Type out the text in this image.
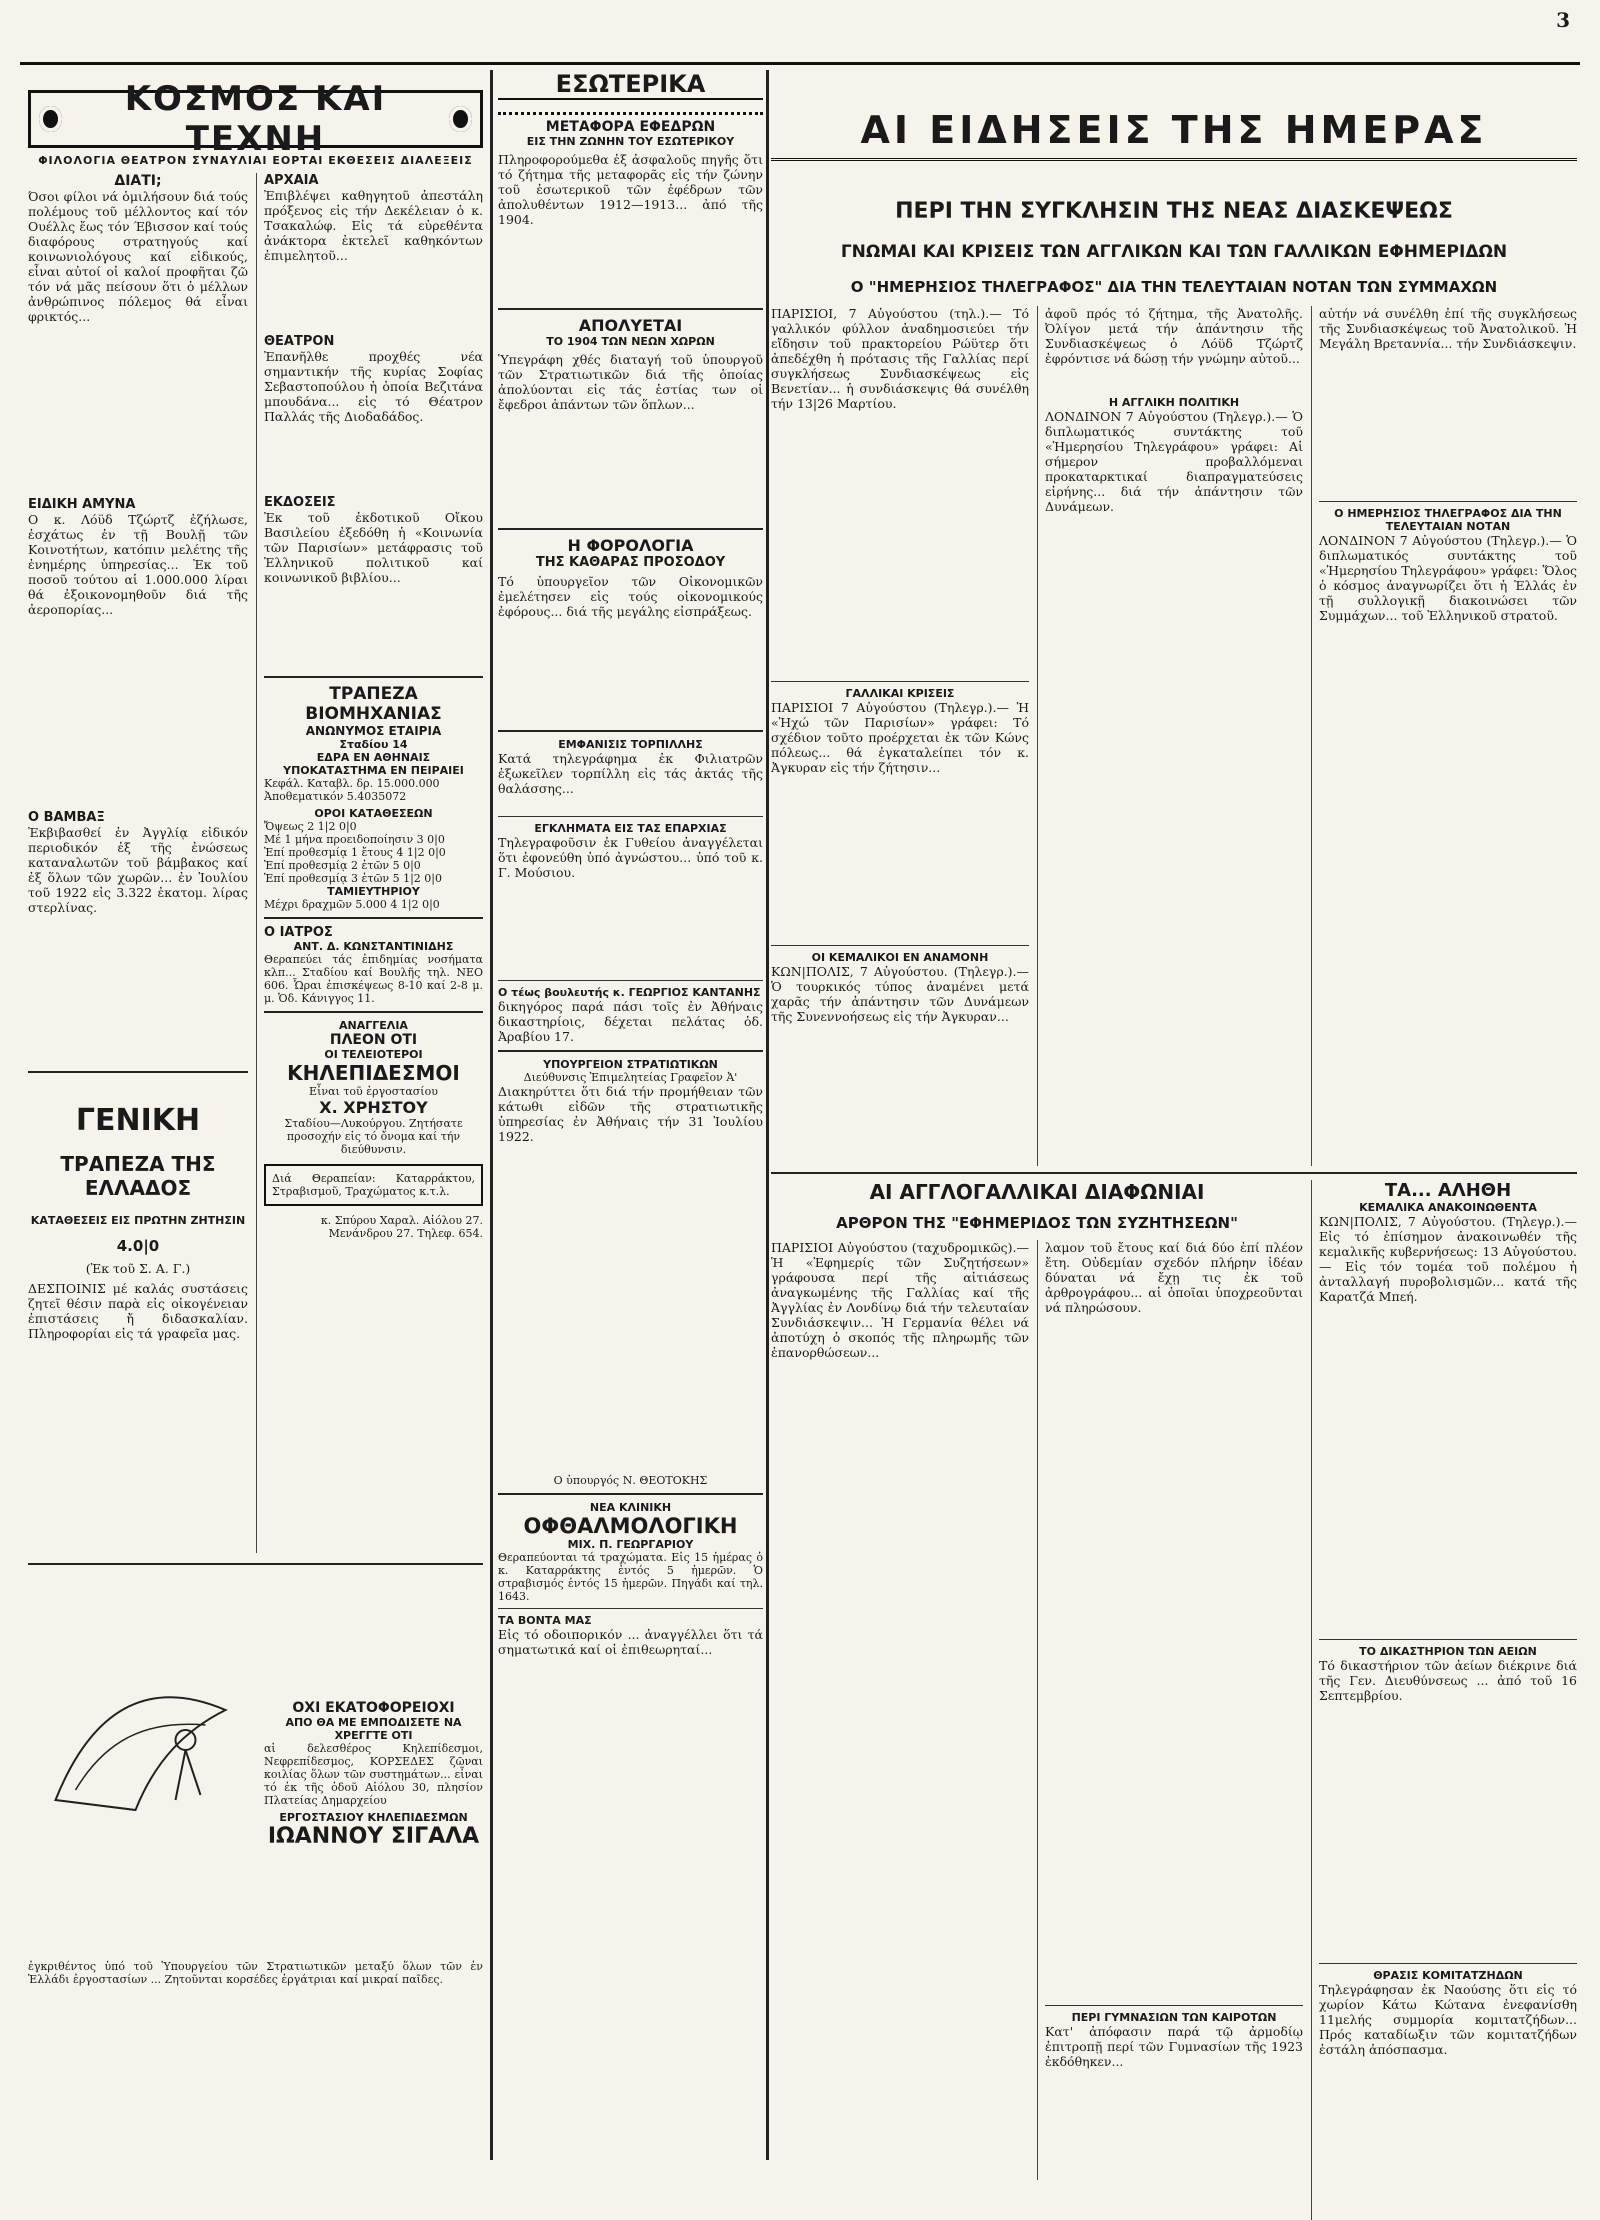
3
ΚΟΣΜΟΣ ΚΑΙ ΤΕΧΝΗ
ΦΙΛΟΛΟΓΙΑ ΘΕΑΤΡΟΝ ΣΥΝΑΥΛΙΑΙ ΕΟΡΤΑΙ ΕΚΘΕΣΕΙΣ ΔΙΑΛΕΞΕΙΣ

ΔΙΑΤΙ;

Όσοι φίλοι νά ὁμιλήσουν διά τούς πολέμους τοῦ μέλλοντος καί τόν Ουέλλς ἔως τόν Έβισσον καί τούς διαφόρους στρατηγούς καί κοινωνιολόγους καί εἰδικούς, εἶναι αὐτοί οἱ καλοί προφῆται ζῶ τόν νά μᾶς πείσουν ὅτι ὁ μέλλων ἀνθρώπινος πόλεμος θά εἶναι φρικτός...

ΕΙΔΙΚΗ ΑΜΥΝΑ

Ο κ. Λόϋδ Τζώρτζ ἐζήλωσε, ἐσχάτως ἐν τῇ Βουλῇ τῶν Κοινοτήτων, κατόπιν μελέτης τῆς ἐνημέρης ὑπηρεσίας... Ἐκ τοῦ ποσοῦ τούτου αἱ 1.000.000 λίραι θά ἐξοικονομηθοῦν διά τῆς ἀεροπορίας...

Ο ΒΑΜΒΑΞ

Ἐκβιβασθεί ἐν Ἀγγλίᾳ εἰδικόν περιοδικόν ἐξ τῆς ἐνώσεως καταναλωτῶν τοῦ βάμβακος καί ἐξ ὅλων τῶν χωρῶν... ἐν Ἰουλίου τοῦ 1922 εἰς 3.322 ἐκατομ. λίρας στερλίνας.

ΓΕΝΙΚΗ

ΤΡΑΠΕΖΑ ΤΗΣ ΕΛΛΑΔΟΣ

ΚΑΤΑΘΕΣΕΙΣ ΕΙΣ ΠΡΩΤΗΝ ΖΗΤΗΣΙΝ

4.0|0

(Ἐκ τοῦ Σ. Α. Γ.)

ΑΡΧΑΙΑ

Ἐπιβλέψει καθηγητοῦ ἀπεστάλη πρόξενος εἰς τήν Δεκέλειαν ὁ κ. Τσακαλώφ. Εἰς τά εὐρεθέντα ἀνάκτορα ἐκτελεῖ καθηκόντων ἐπιμελητοῦ...

ΘΕΑΤΡΟΝ

Ἐπανῆλθε προχθές νέα σημαντικήν τῆς κυρίας Σοφίας Σεβαστοπούλου ἡ ὁποία Βεζιτάνα μπουδάνα... εἰς τό Θέατρον Παλλάς τῆς Διοδαδάδος.

ΕΚΔΟΣΕΙΣ

Ἐκ τοῦ ἐκδοτικοῦ Οἴκου Βασιλείου ἐξεδόθη ἡ «Κοινωνία τῶν Παρισίων» μετάφρασις τοῦ Ἑλληνικοῦ πολιτικοῦ καί κοινωνικοῦ βιβλίου...

ΤΡΑΠΕΖΑ ΒΙΟΜΗΧΑΝΙΑΣ

ΑΝΩΝΥΜΟΣ ΕΤΑΙΡΙΑ

Σταδίου 14

ΕΔΡΑ ΕΝ ΑΘΗΝΑΙΣ

ΥΠΟΚΑΤΑΣΤΗΜΑ ΕΝ ΠΕΙΡΑΙΕΙ

Κεφάλ. Καταβλ. δρ. 15.000.000

Ἀποθεματικόν 5.4035072

ΟΡΟΙ ΚΑΤΑΘΕΣΕΩΝ

Ὄψεως 2 1|2 0|0

Μέ 1 μήνα προειδοποίησιν 3 0|0

Ἐπί προθεσμίᾳ 1 ἔτους 4 1|2 0|0

Ἐπί προθεσμίᾳ 2 ἐτῶν 5 0|0

Ἐπί προθεσμίᾳ 3 ἐτῶν 5 1|2 0|0

ΤΑΜΙΕΥΤΗΡΙΟΥ

Μέχρι δραχμῶν 5.000 4 1|2 0|0

Ο ΙΑΤΡΟΣ

ΑΝΤ. Δ. ΚΩΝΣΤΑΝΤΙΝΙΔΗΣ

Θεραπεύει τάς ἐπιδημίας νοσήματα κλπ... Σταδίου καί Βουλῆς τηλ. ΝΕΟ 606. Ὧραι ἐπισκέψεως 8-10 καί 2-8 μ. μ. Ὁδ. Κάνιγγος 11.

ΑΝΑΓΓΕΛΙΑ

ΠΛΕΟΝ ΟΤΙ

ΟΙ ΤΕΛΕΙΟΤΕΡΟΙ

ΚΗΛΕΠΙΔΕΣΜΟΙ

Εἶναι τοῦ ἐργοστασίου

Χ. ΧΡΗΣΤΟΥ

Σταδίου—Λυκούργου. Ζητήσατε προσοχήν εἰς τό ὄνομα καί τήν διεύθυνσιν.

Διά Θεραπείαν: Καταρράκτου, Στραβισμοῦ, Τραχώματος κ.τ.λ.

κ. Σπύρου Χαραλ. Αἰόλου 27. Μενάνδρου 27. Τηλεφ. 654.

ΔΕΣΠΟΙΝΙΣ μέ καλάς συστάσεις ζητεῖ θέσιν παρὰ εἰς οἰκογένειαν ἐπιστάσεις ἤ διδασκαλίαν. Πληροφορίαι εἰς τά γραφεῖα μας.

ΟΧΙ ΕΚΑΤΟΦΟΡΕΙΟΧΙ

ΑΠΟ ΘΑ ΜΕ ΕΜΠΟΔΙΣΕΤΕ ΝΑ ΧΡΕΓΓΤΕ ΟΤΙ

αἱ δελεσθέρος Κηλεπίδεσμοι, Νεφρεπίδεσμος, ΚΟΡΣΕΔΕΣ ζῶναι κοιλίας ὅλων τῶν συστημάτων... εἶναι τό ἐκ τῆς ὁδοῦ Αἰόλου 30, πλησίον Πλατείας Δημαρχείου

ΕΡΓΟΣΤΑΣΙΟΥ ΚΗΛΕΠΙΔΕΣΜΩΝ

ΙΩΑΝΝΟΥ ΣΙΓΑΛΑ

ἐγκριθέντος ὑπό τοῦ Ὑπουργείου τῶν Στρατιωτικῶν μεταξύ ὅλων τῶν ἐν Ἑλλάδι ἐργοστασίων ... Ζητοῦνται κορσέδες ἐργάτριαι καί μικραί παῖδες.

ΕΣΩΤΕΡΙΚΑ

ΜΕΤΑΦΟΡΑ ΕΦΕΔΡΩΝ

ΕΙΣ ΤΗΝ ΖΩΝΗΝ ΤΟΥ ΕΣΩΤΕΡΙΚΟΥ

Πληροφορούμεθα ἐξ ἀσφαλοῦς πηγῆς ὅτι τό ζήτημα τῆς μεταφορᾶς εἰς τήν ζώνην τοῦ ἐσωτερικοῦ τῶν ἐφέδρων τῶν ἀπολυθέντων 1912—1913... ἀπό τῆς 1904.

ΑΠΟΛΥΕΤΑΙ

ΤΟ 1904 ΤΩΝ ΝΕΩΝ ΧΩΡΩΝ

Ὑπεγράφη χθές διαταγή τοῦ ὑπουργοῦ τῶν Στρατιωτικῶν διά τῆς ὁποίας ἀπολύονται εἰς τάς ἑστίας των οἱ ἔφεδροι ἁπάντων τῶν ὅπλων...

Η ΦΟΡΟΛΟΓΙΑ

ΤΗΣ ΚΑΘΑΡΑΣ ΠΡΟΣΟΔΟΥ

Τό ὑπουργεῖον τῶν Οἰκονομικῶν ἐμελέτησεν εἰς τούς οἰκονομικούς ἐφόρους... διά τῆς μεγάλης εἰσπράξεως.

ΕΜΦΑΝΙΣΙΣ ΤΟΡΠΙΛΛΗΣ

Κατά τηλεγράφημα ἐκ Φιλιατρῶν ἐξωκεῖλεν τορπίλλη εἰς τάς ἀκτάς τῆς θαλάσσης...

ΕΓΚΛΗΜΑΤΑ ΕΙΣ ΤΑΣ ΕΠΑΡΧΙΑΣ

Τηλεγραφοῦσιν ἐκ Γυθείου ἀναγγέλεται ὅτι ἐφονεύθη ὑπό ἀγνώστου... ὑπό τοῦ κ. Γ. Μούσιου.

Ο τέως βουλευτής κ. ΓΕΩΡΓΙΟΣ ΚΑΝΤΑΝΗΣ

δικηγόρος παρά πάσι τοῖς ἐν Ἀθήναις δικαστηρίοις, δέχεται πελάτας ὁδ. Ἀραβίου 17.

ΥΠΟΥΡΓΕΙΟΝ ΣΤΡΑΤΙΩΤΙΚΩΝ

Διεύθυνσις Ἐπιμελητείας Γραφεῖον Ἀ'

Διακηρύττει ὅτι διά τήν προμήθειαν τῶν κάτωθι εἰδῶν τῆς στρατιωτικῆς ὑπηρεσίας ἐν Ἀθήναις τήν 31 Ἰουλίου 1922.

Ο ὑπουργός Ν. ΘΕΟΤΟΚΗΣ

ΝΕΑ ΚΛΙΝΙΚΗ

ΟΦΘΑΛΜΟΛΟΓΙΚΗ

ΜΙΧ. Π. ΓΕΩΡΓΑΡΙΟΥ

Θεραπεύονται τά τραχώματα. Εἰς 15 ἡμέρας ὁ κ. Καταρράκτης ἐντός 5 ἡμερῶν. Ὁ στραβισμός ἐντός 15 ἡμερῶν. Πηγάδι καί τηλ. 1643.

ΤΑ ΒΟΝΤΑ ΜΑΣ

Εἰς τό οδοιπορικόν ... ἀναγγέλλει ὅτι τά σηματωτικά καί οἱ ἐπιθεωρηταί...

ΑΙ ΕΙΔΗΣΕΙΣ ΤΗΣ ΗΜΕΡΑΣ

ΠΕΡΙ ΤΗΝ ΣΥΓΚΛΗΣΙΝ ΤΗΣ ΝΕΑΣ ΔΙΑΣΚΕΨΕΩΣ

ΓΝΩΜΑΙ ΚΑΙ ΚΡΙΣΕΙΣ ΤΩΝ ΑΓΓΛΙΚΩΝ ΚΑΙ ΤΩΝ ΓΑΛΛΙΚΩΝ ΕΦΗΜΕΡΙΔΩΝ

Ο "ΗΜΕΡΗΣΙΟΣ ΤΗΛΕΓΡΑΦΟΣ" ΔΙΑ ΤΗΝ ΤΕΛΕΥΤΑΙΑΝ ΝΟΤΑΝ ΤΩΝ ΣΥΜΜΑΧΩΝ

ΠΑΡΙΣΙΟΙ, 7 Αὐγούστου (τηλ.).— Τό γαλλικόν φύλλον ἀναδημοσιεύει τήν εἴδησιν τοῦ πρακτορείου Ρώϋτερ ὅτι ἀπεδέχθη ἡ πρότασις τῆς Γαλλίας περί συγκλήσεως Συνδιασκέψεως εἰς Βενετίαν... ἡ συνδιάσκεψις θά συνέλθη τήν 13|26 Μαρτίου.

ΓΑΛΛΙΚΑΙ ΚΡΙΣΕΙΣ

ΠΑΡΙΣΙΟΙ 7 Αὐγούστου (Τηλεγρ.).— Ἡ «Ἠχώ τῶν Παρισίων» γράφει: Τό σχέδιον τοῦτο προέρχεται ἐκ τῶν Κώνς πόλεως... θά ἐγκαταλείπει τόν κ. Ἀγκυραν εἰς τήν ζήτησιν...

ΟΙ ΚΕΜΑΛΙΚΟΙ ΕΝ ΑΝΑΜΟΝΗ

ΚΩΝ|ΠΟΛΙΣ, 7 Αὐγούστου. (Τηλεγρ.).— Ὁ τουρκικός τύπος ἀναμένει μετά χαρᾶς τήν ἀπάντησιν τῶν Δυνάμεων τῆς Συνεννοήσεως εἰς τήν Ἀγκυραν...

ἀφοῦ πρός τό ζήτημα, τῆς Ἀνατολῆς. Ὀλίγον μετά τήν ἀπάντησιν τῆς Συνδιασκέψεως ὁ Λόϋδ Τζώρτζ ἐφρόντισε νά δώσῃ τήν γνώμην αὐτοῦ...

Η ΑΓΓΛΙΚΗ ΠΟΛΙΤΙΚΗ

ΛΟΝΔΙΝΟΝ 7 Αὐγούστου (Τηλεγρ.).— Ὁ διπλωματικός συντάκτης τοῦ «Ἡμερησίου Τηλεγράφου» γράφει: Αἱ σήμερον προβαλλόμεναι προκαταρκτικαί διαπραγματεύσεις εἰρήνης... διά τήν ἀπάντησιν τῶν Δυνάμεων.

αὐτήν νά συνέλθη ἐπί τῆς συγκλήσεως τῆς Συνδιασκέψεως τοῦ Ἀνατολικοῦ. Ἡ Μεγάλη Βρεταννία... τήν Συνδιάσκεψιν.

Ο ΗΜΕΡΗΣΙΟΣ ΤΗΛΕΓΡΑΦΟΣ ΔΙΑ ΤΗΝ ΤΕΛΕΥΤΑΙΑΝ ΝΟΤΑΝ

ΛΟΝΔΙΝΟΝ 7 Αὐγούστου (Τηλεγρ.).— Ὁ διπλωματικός συντάκτης τοῦ «Ἡμερησίου Τηλεγράφου» γράφει: Ὅλος ὁ κόσμος ἀναγνωρίζει ὅτι ἡ Ἑλλάς ἐν τῇ συλλογικῇ διακοινώσει τῶν Συμμάχων... τοῦ Ἑλληνικοῦ στρατοῦ.

ΑΙ ΑΓΓΛΟΓΑΛΛΙΚΑΙ ΔΙΑΦΩΝΙΑΙ

ΑΡΘΡΟΝ ΤΗΣ "ΕΦΗΜΕΡΙΔΟΣ ΤΩΝ ΣΥΖΗΤΗΣΕΩΝ"

ΠΑΡΙΣΙΟΙ Αὐγούστου (ταχυδρομικῶς).— Ἡ «Ἐφημερίς τῶν Συζητήσεων» γράφουσα περί τῆς αἰτιάσεως ἀναγκωμένης τῆς Γαλλίας καί τῆς Ἀγγλίας ἐν Λονδίνῳ διά τήν τελευταίαν Συνδιάσκεψιν... Ἡ Γερμανία θέλει νά ἀποτύχη ὁ σκοπός τῆς πληρωμῆς τῶν ἐπανορθώσεων...

λαμον τοῦ ἔτους καί διά δύο ἐπί πλέον ἔτη. Οὐδεμίαν σχεδόν πλήρην ἰδέαν δύναται νά ἔχῃ τις ἐκ τοῦ ἀρθρογράφου... αἱ ὁποῖαι ὑποχρεοῦνται νά πληρώσουν.

ΠΕΡΙ ΓΥΜΝΑΣΙΩΝ ΤΩΝ ΚΑΙΡΟΤΩΝ

Κατ' ἀπόφασιν παρά τῷ ἀρμοδίῳ ἐπιτροπῇ περί τῶν Γυμνασίων τῆς 1923 ἐκδόθηκεν...

ΤΑ... ΑΛΗΘΗ

ΚΕΜΑΛΙΚΑ ΑΝΑΚΟΙΝΩΘΕΝΤΑ

ΚΩΝ|ΠΟΛΙΣ, 7 Αὐγούστου. (Τηλεγρ.).— Εἰς τό ἐπίσημον ἀνακοινωθέν τῆς κεμαλικῆς κυβερνήσεως: 13 Αὐγούστου.— Εἰς τόν τομέα τοῦ πολέμου ἡ ἀνταλλαγή πυροβολισμῶν... κατά τῆς Καρατζά Μπεή.

ΤΟ ΔΙΚΑΣΤΗΡΙΟΝ ΤΩΝ ΑΕΙΩΝ

Τό δικαστήριον τῶν ἀείων διέκρινε διά τῆς Γεν. Διευθύνσεως ... ἀπό τοῦ 16 Σεπτεμβρίου.

ΘΡΑΣΙΣ ΚΟΜΙΤΑΤΖΗΔΩΝ

Τηλεγράφησαν ἐκ Ναούσης ὅτι εἰς τό χωρίον Κάτω Κώτανα ἐνεφανίσθη 11μελής συμμορία κομιτατζήδων... Πρός καταδίωξιν τῶν κομιτατζήδων ἐστάλη ἀπόσπασμα.
